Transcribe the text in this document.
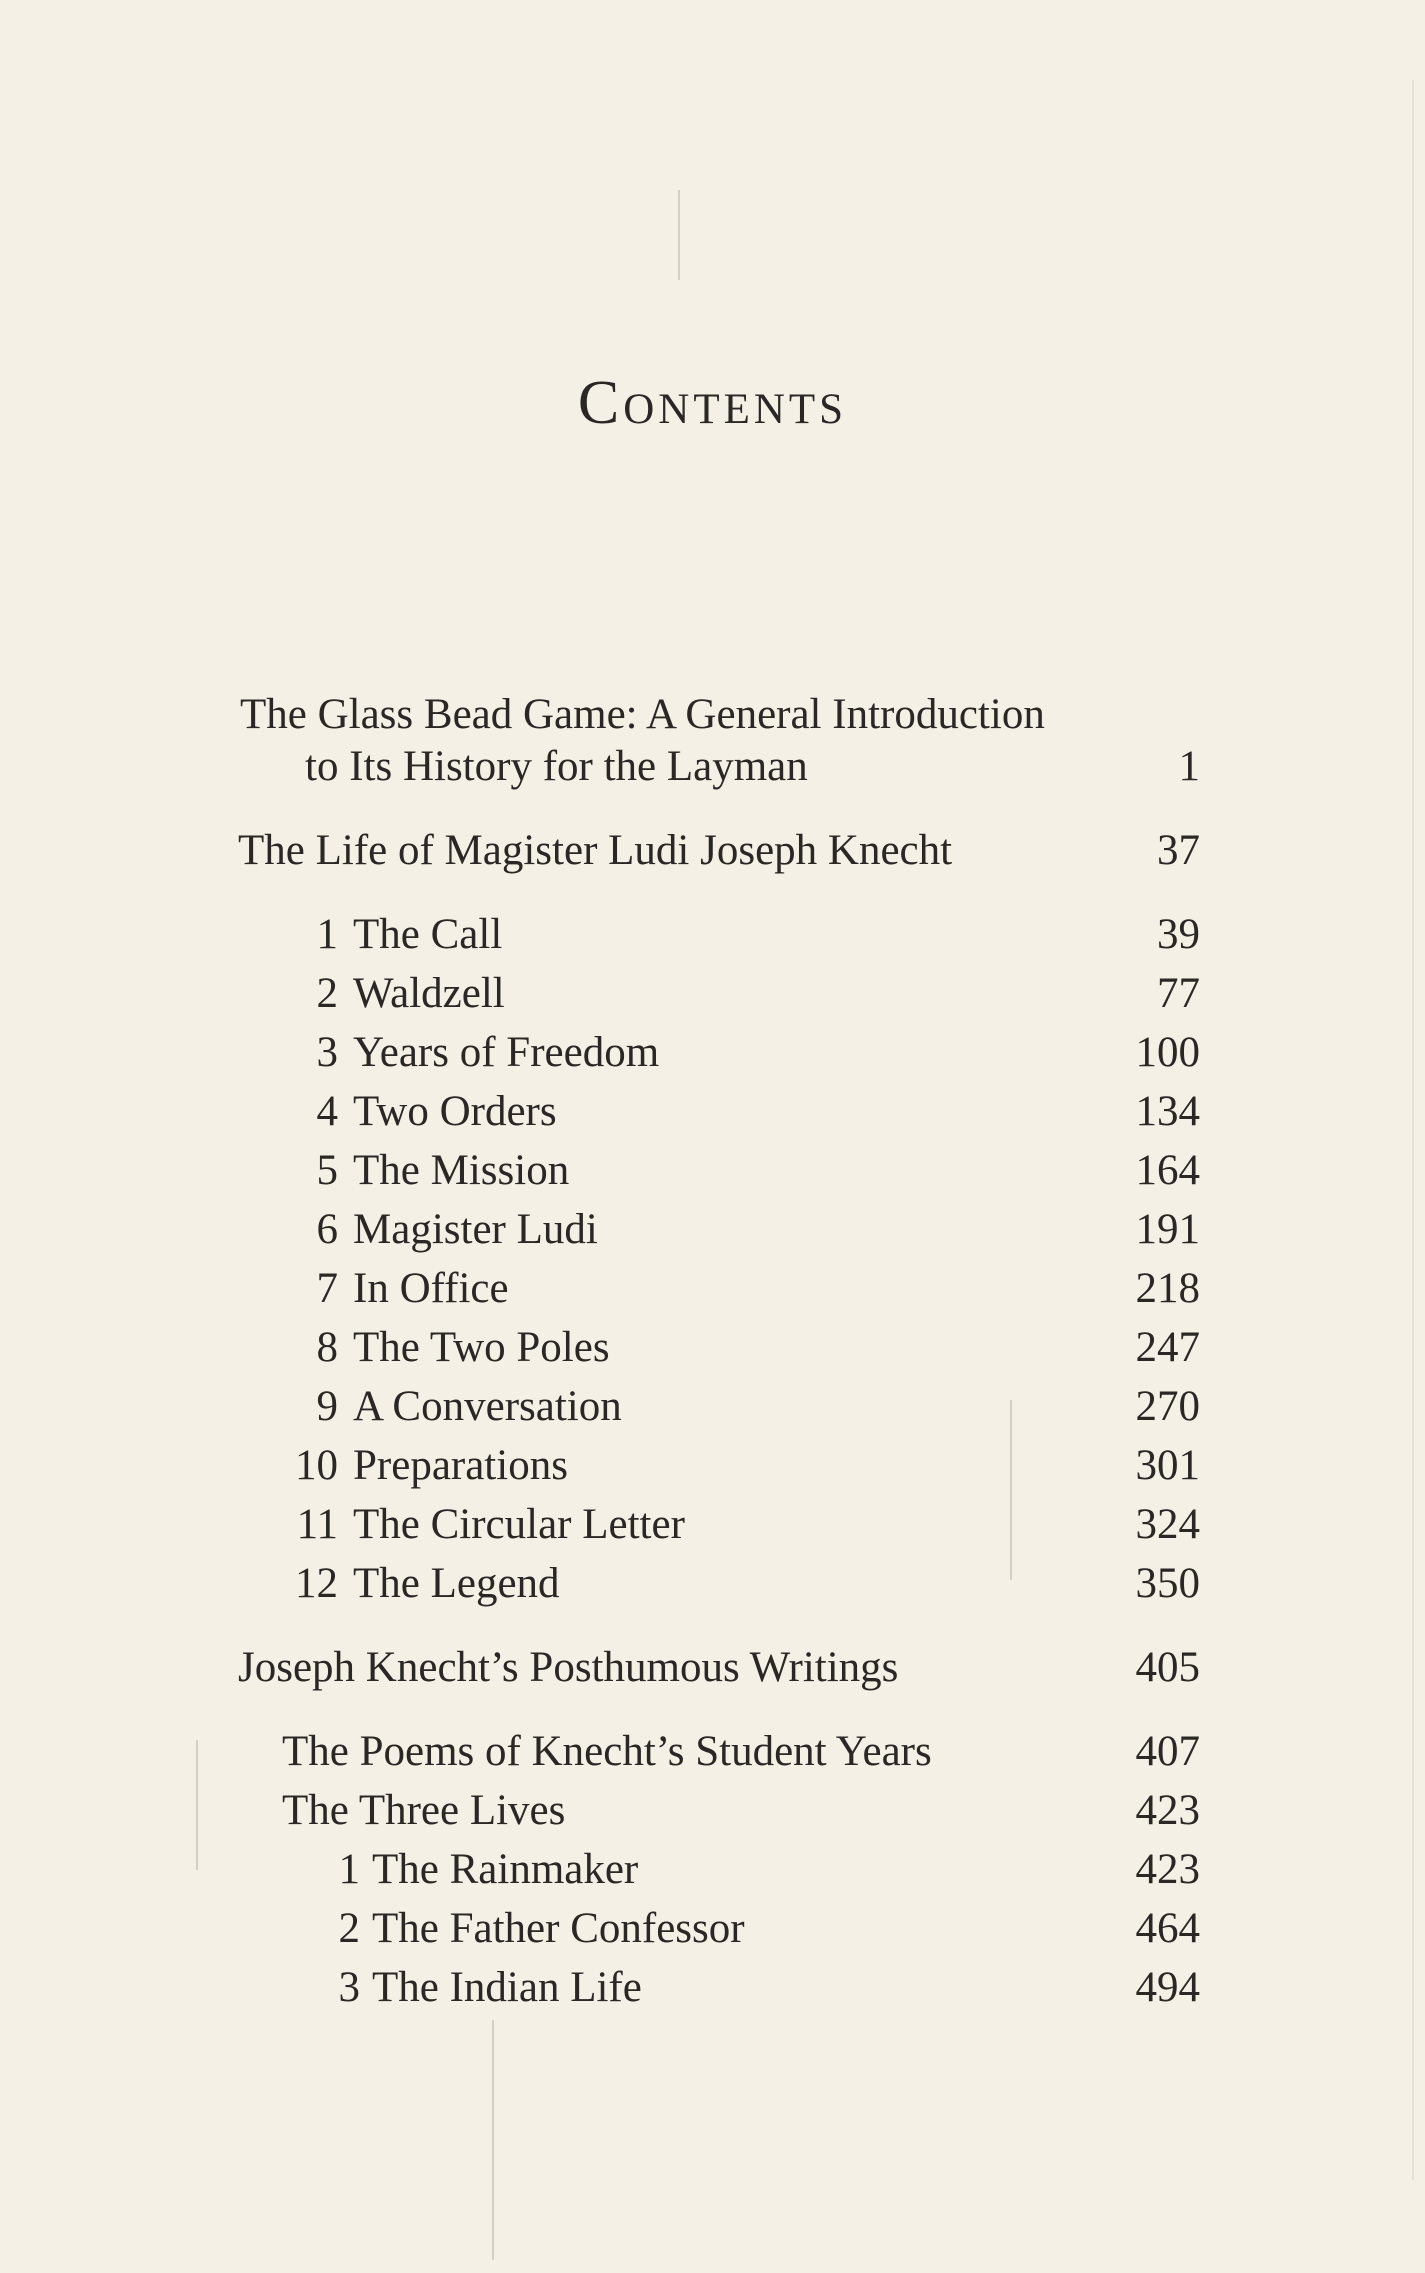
Contents
The Glass Bead Game: A General Introduction
to Its History for the Layman	1
The Life of Magister Ludi Joseph Knecht	37
1 The Call	39
2 Waldzell	77
3 Years of Freedom	100
4 Two Orders	134
5 The Mission	164
6 Magister Ludi	191
7 In Office	218
8 The Two Poles	247
9 A Conversation	270
10 Preparations	301
11 The Circular Letter	324
12 The Legend	350
Joseph Knecht’s Posthumous Writings	405
The Poems of Knecht’s Student Years	407
The Three Lives	423
1 The Rainmaker	423
2 The Father Confessor	464
3 The Indian Life	494
